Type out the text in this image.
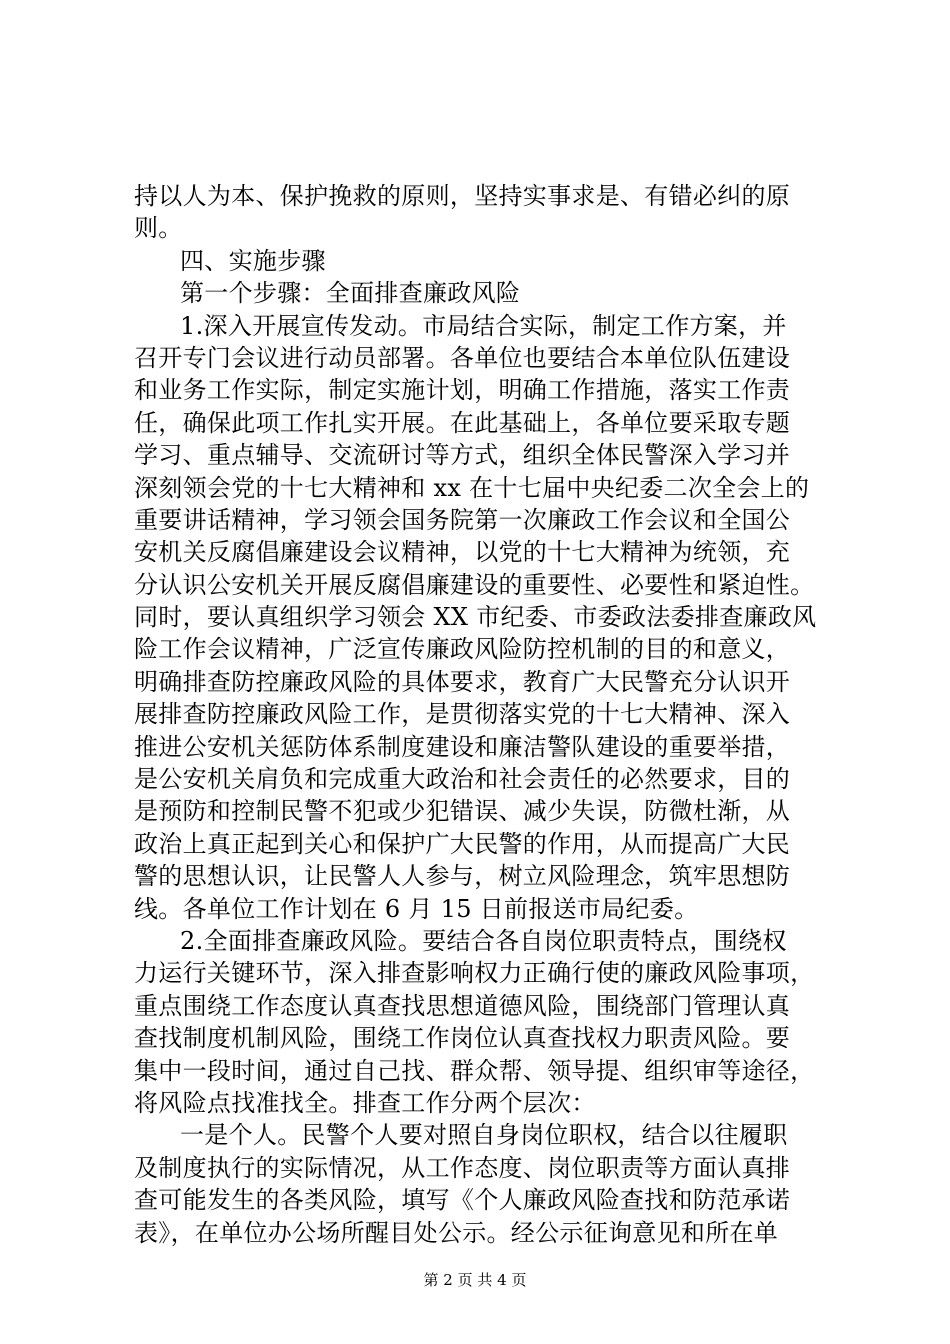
持以人为本、保护挽救的原则，坚持实事求是、有错必纠的原
则。
四、实施步骤
第一个步骤：全面排查廉政风险
1.深入开展宣传发动。市局结合实际，制定工作方案，并
召开专门会议进行动员部署。各单位也要结合本单位队伍建设
和业务工作实际，制定实施计划，明确工作措施，落实工作责
任，确保此项工作扎实开展。在此基础上，各单位要采取专题
学习、重点辅导、交流研讨等方式，组织全体民警深入学习并
深刻领会党的十七大精神和 xx 在十七届中央纪委二次全会上的
重要讲话精神，学习领会国务院第一次廉政工作会议和全国公
安机关反腐倡廉建设会议精神，以党的十七大精神为统领，充
分认识公安机关开展反腐倡廉建设的重要性、必要性和紧迫性。
同时，要认真组织学习领会 XX 市纪委、市委政法委排查廉政风
险工作会议精神，广泛宣传廉政风险防控机制的目的和意义，
明确排查防控廉政风险的具体要求，教育广大民警充分认识开
展排查防控廉政风险工作，是贯彻落实党的十七大精神、深入
推进公安机关惩防体系制度建设和廉洁警队建设的重要举措，
是公安机关肩负和完成重大政治和社会责任的必然要求，目的
是预防和控制民警不犯或少犯错误、减少失误，防微杜渐，从
政治上真正起到关心和保护广大民警的作用，从而提高广大民
警的思想认识，让民警人人参与，树立风险理念，筑牢思想防
线。各单位工作计划在 6 月 15 日前报送市局纪委。
2.全面排查廉政风险。要结合各自岗位职责特点，围绕权
力运行关键环节，深入排查影响权力正确行使的廉政风险事项，
重点围绕工作态度认真查找思想道德风险，围绕部门管理认真
查找制度机制风险，围绕工作岗位认真查找权力职责风险。要
集中一段时间，通过自己找、群众帮、领导提、组织审等途径，
将风险点找准找全。排查工作分两个层次：
一是个人。民警个人要对照自身岗位职权，结合以往履职
及制度执行的实际情况，从工作态度、岗位职责等方面认真排
查可能发生的各类风险，填写《个人廉政风险查找和防范承诺
表》，在单位办公场所醒目处公示。经公示征询意见和所在单
第 2 页 共 4 页
